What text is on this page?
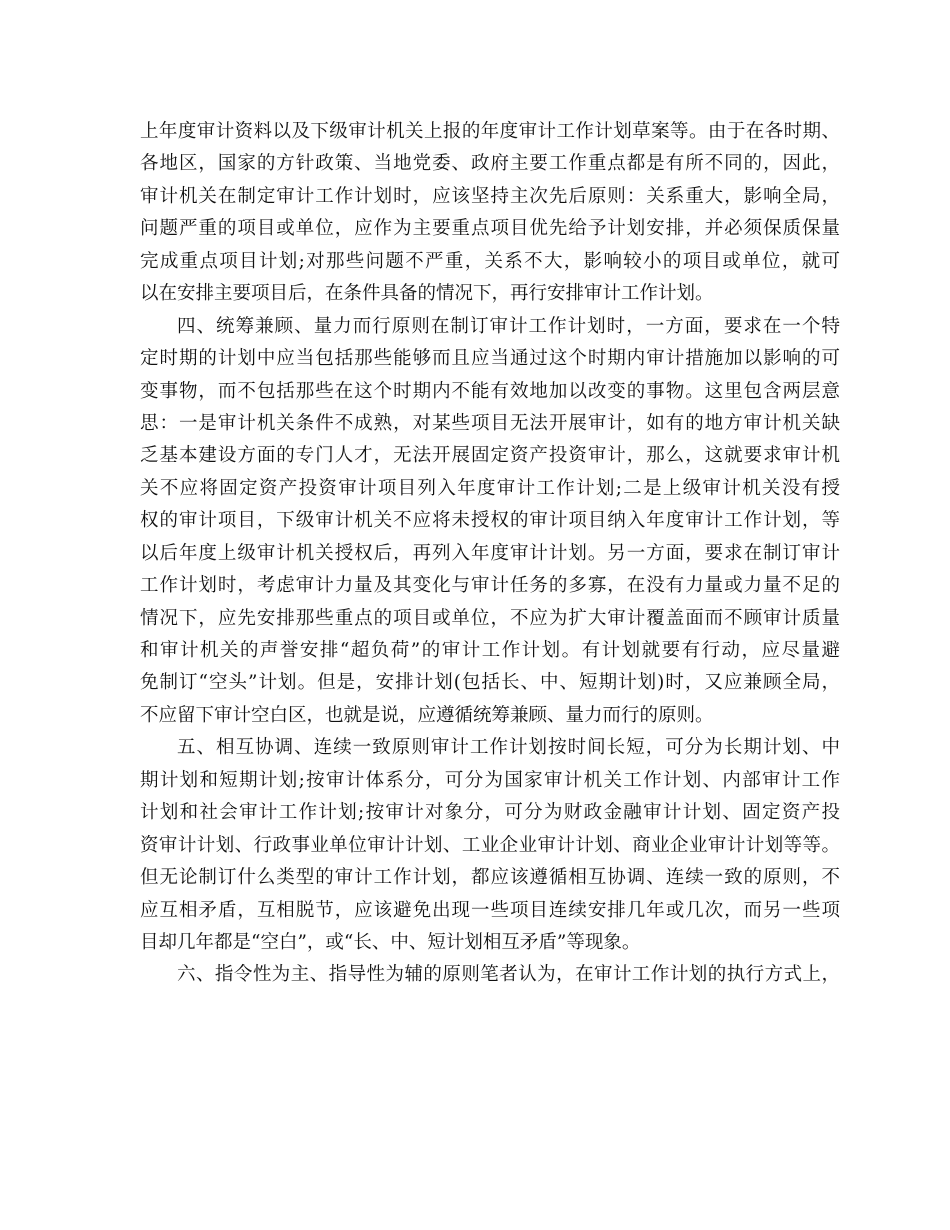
上年度审计资料以及下级审计机关上报的年度审计工作计划草案等。由于在各时期、
各地区，国家的方针政策、当地党委、政府主要工作重点都是有所不同的，因此，
审计机关在制定审计工作计划时，应该坚持主次先后原则：关系重大，影响全局，
问题严重的项目或单位，应作为主要重点项目优先给予计划安排，并必须保质保量
完成重点项目计划;对那些问题不严重，关系不大，影响较小的项目或单位，就可
以在安排主要项目后，在条件具备的情况下，再行安排审计工作计划。
四、统筹兼顾、量力而行原则在制订审计工作计划时，一方面，要求在一个特
定时期的计划中应当包括那些能够而且应当通过这个时期内审计措施加以影响的可
变事物，而不包括那些在这个时期内不能有效地加以改变的事物。这里包含两层意
思：一是审计机关条件不成熟，对某些项目无法开展审计，如有的地方审计机关缺
乏基本建设方面的专门人才，无法开展固定资产投资审计，那么，这就要求审计机
关不应将固定资产投资审计项目列入年度审计工作计划;二是上级审计机关没有授
权的审计项目，下级审计机关不应将未授权的审计项目纳入年度审计工作计划，等
以后年度上级审计机关授权后，再列入年度审计计划。另一方面，要求在制订审计
工作计划时，考虑审计力量及其变化与审计任务的多寡，在没有力量或力量不足的
情况下，应先安排那些重点的项目或单位，不应为扩大审计覆盖面而不顾审计质量
和审计机关的声誉安排“超负荷”的审计工作计划。有计划就要有行动，应尽量避
免制订“空头”计划。但是，安排计划(包括长、中、短期计划)时，又应兼顾全局，
不应留下审计空白区，也就是说，应遵循统筹兼顾、量力而行的原则。
五、相互协调、连续一致原则审计工作计划按时间长短，可分为长期计划、中
期计划和短期计划;按审计体系分，可分为国家审计机关工作计划、内部审计工作
计划和社会审计工作计划;按审计对象分，可分为财政金融审计计划、固定资产投
资审计计划、行政事业单位审计计划、工业企业审计计划、商业企业审计计划等等。
但无论制订什么类型的审计工作计划，都应该遵循相互协调、连续一致的原则，不
应互相矛盾，互相脱节，应该避免出现一些项目连续安排几年或几次，而另一些项
目却几年都是“空白”，或“长、中、短计划相互矛盾”等现象。
六、指令性为主、指导性为辅的原则笔者认为，在审计工作计划的执行方式上，
